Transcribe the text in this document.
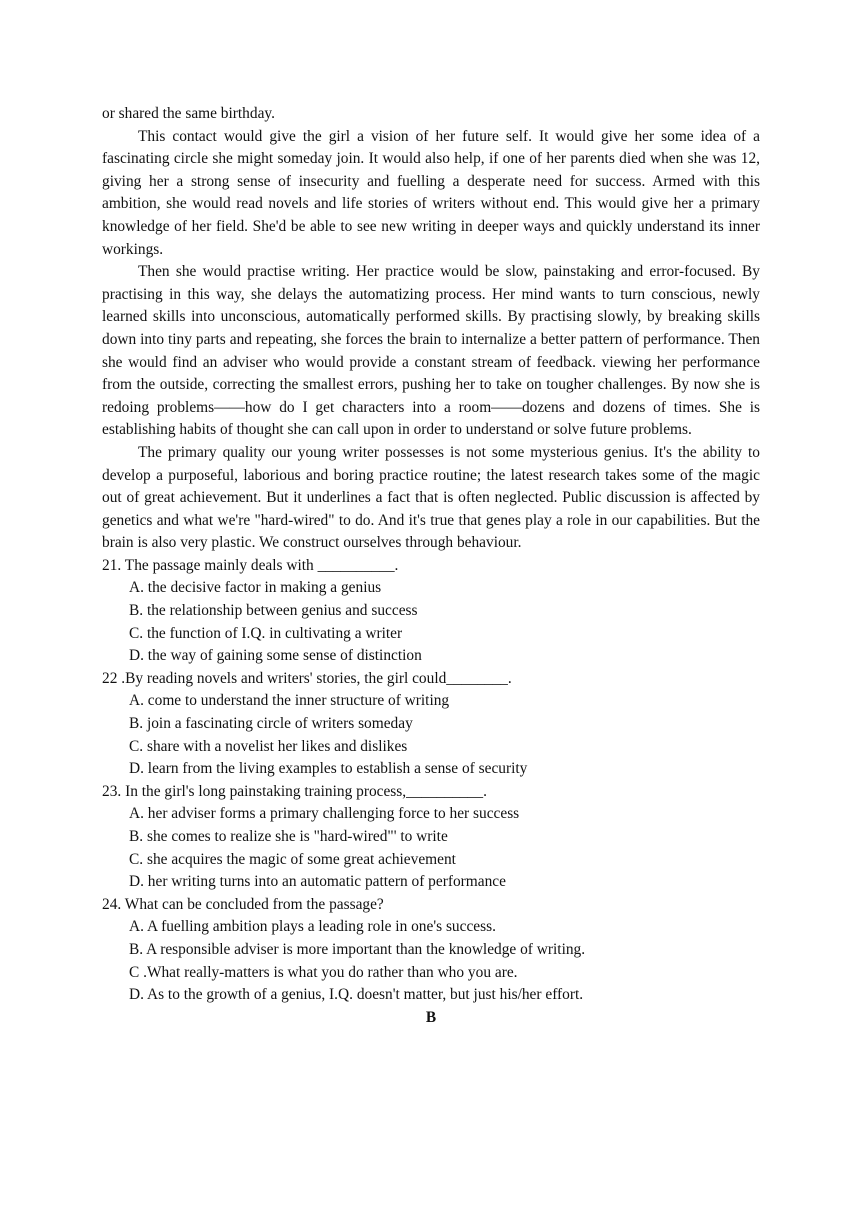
or shared the same birthday.

This contact would give the girl a vision of her future self. It would give her some idea of a fascinating circle she might someday join. It would also help, if one of her parents died when she was 12, giving her a strong sense of insecurity and fuelling a desperate need for success. Armed with this ambition, she would read novels and life stories of writers without end. This would give her a primary knowledge of her field. She'd be able to see new writing in deeper ways and quickly understand its inner workings.

Then she would practise writing. Her practice would be slow, painstaking and error-focused. By practising in this way, she delays the automatizing process. Her mind wants to turn conscious, newly learned skills into unconscious, automatically performed skills. By practising slowly, by breaking skills down into tiny parts and repeating, she forces the brain to internalize a better pattern of performance. Then she would find an adviser who would provide a constant stream of feedback. viewing her performance from the outside, correcting the smallest errors, pushing her to take on tougher challenges. By now she is redoing problems——how do I get characters into a room——dozens and dozens of times. She is establishing habits of thought she can call upon in order to understand or solve future problems.

The primary quality our young writer possesses is not some mysterious genius. It's the ability to develop a purposeful, laborious and boring practice routine; the latest research takes some of the magic out of great achievement. But it underlines a fact that is often neglected. Public discussion is affected by genetics and what we're "hard-wired" to do. And it's true that genes play a role in our capabilities. But the brain is also very plastic. We construct ourselves through behaviour.

21. The passage mainly deals with __________.

A. the decisive factor in making a genius
B. the relationship between genius and success
C. the function of I.Q. in cultivating a writer
D. the way of gaining some sense of distinction

22 .By reading novels and writers' stories, the girl could________.

A. come to understand the inner structure of writing
B. join a fascinating circle of writers someday
C. share with a novelist her likes and dislikes
D. learn from the living examples to establish a sense of security

23. In the girl's long painstaking training process,__________.

A. her adviser forms a primary challenging force to her success
B. she comes to realize she is "hard-wired"' to write
C. she acquires the magic of some great achievement
D. her writing turns into an automatic pattern of performance

24. What can be concluded from the passage?

A. A fuelling ambition plays a leading role in one's success.
B. A responsible adviser is more important than the knowledge of writing.
C .What really-matters is what you do rather than who you are.
D. As to the growth of a genius, I.Q. doesn't matter, but just his/her effort.

B
